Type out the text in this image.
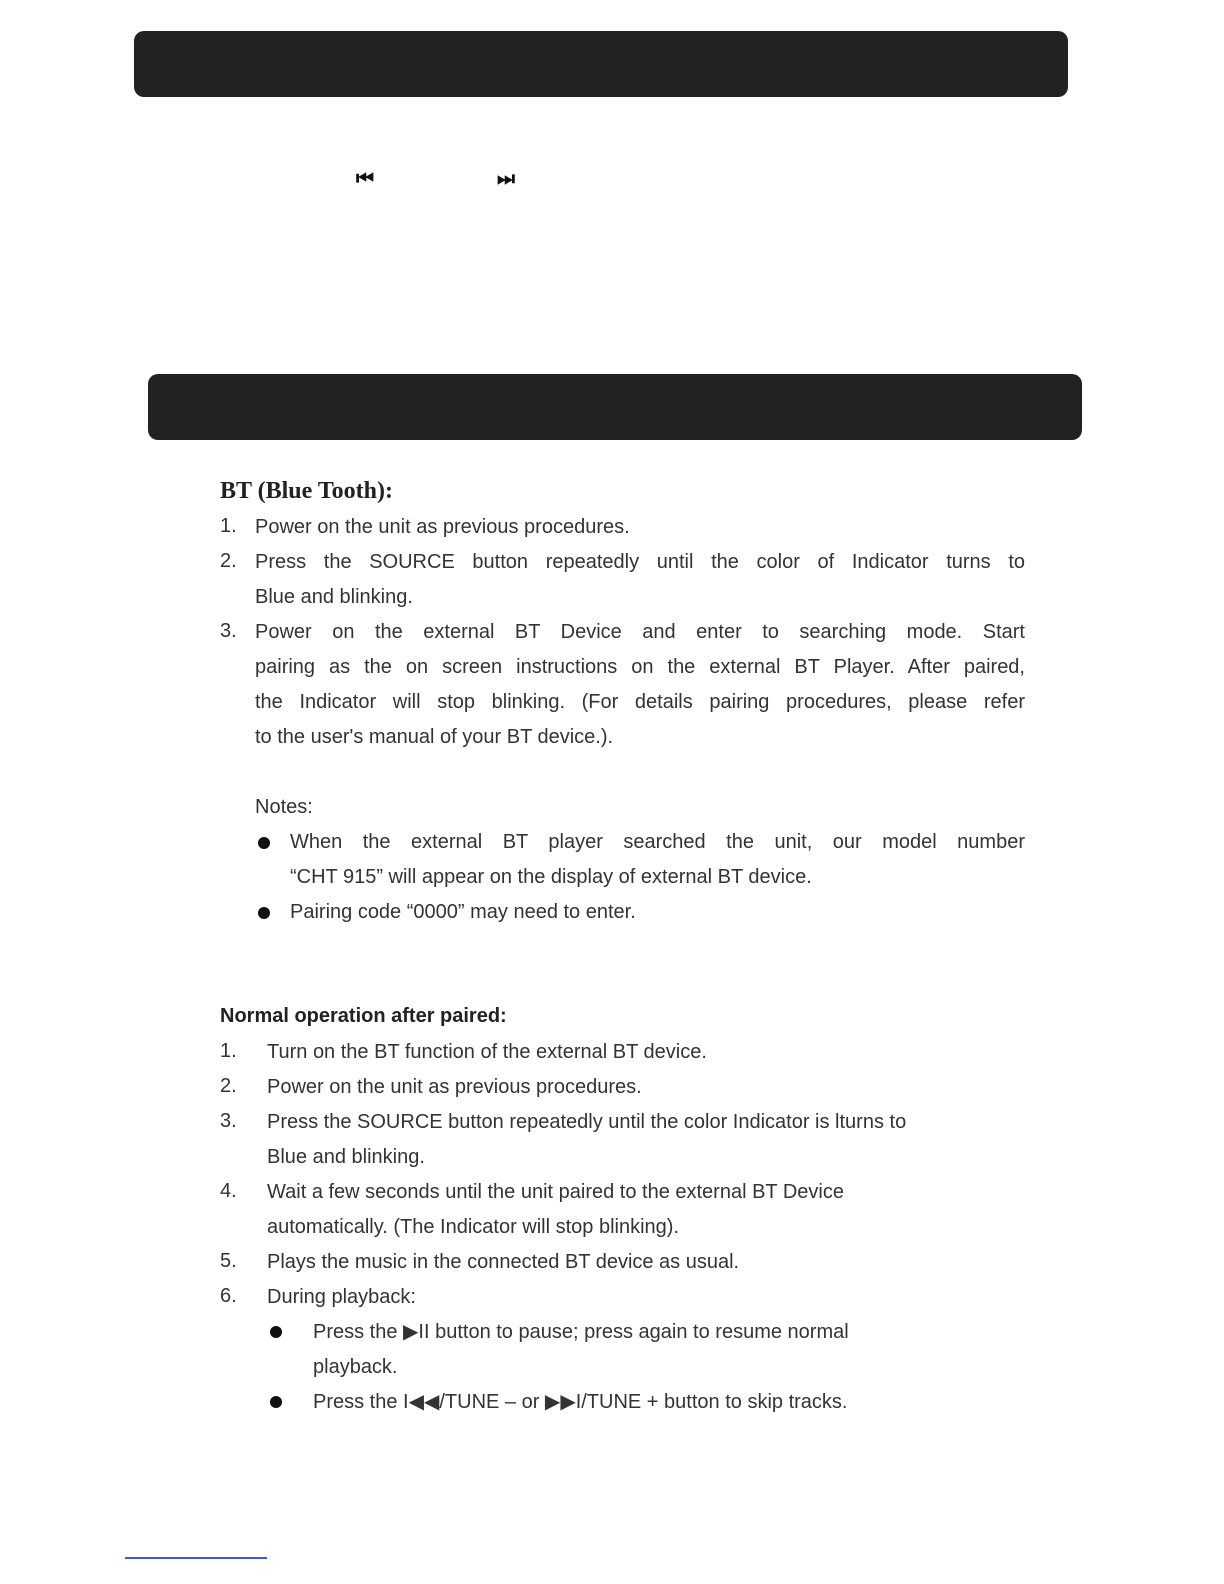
⏮	⏭
BT (Blue Tooth):
1. Power on the unit as previous procedures.
2. Press the SOURCE button repeatedly until the color of Indicator turns to
Blue and blinking.
3. Power on the external BT Device and enter to searching mode. Start
pairing as the on screen instructions on the external BT Player. After paired,
the Indicator will stop blinking. (For details pairing procedures, please refer
to the user's manual of your BT device.).
Notes:
When the external BT player searched the unit, our model number
“CHT 915” will appear on the display of external BT device.
Pairing code “0000” may need to enter.
Normal operation after paired:
1. Turn on the BT function of the external BT device.
2. Power on the unit as previous procedures.
3. Press the SOURCE button repeatedly until the color Indicator is lturns to
Blue and blinking.
4. Wait a few seconds until the unit paired to the external BT Device
automatically. (The Indicator will stop blinking).
5. Plays the music in the connected BT device as usual.
6. During playback:
Press the ▶II button to pause; press again to resume normal
playback.
Press the I◀◀/TUNE – or ▶▶I/TUNE + button to skip tracks.
